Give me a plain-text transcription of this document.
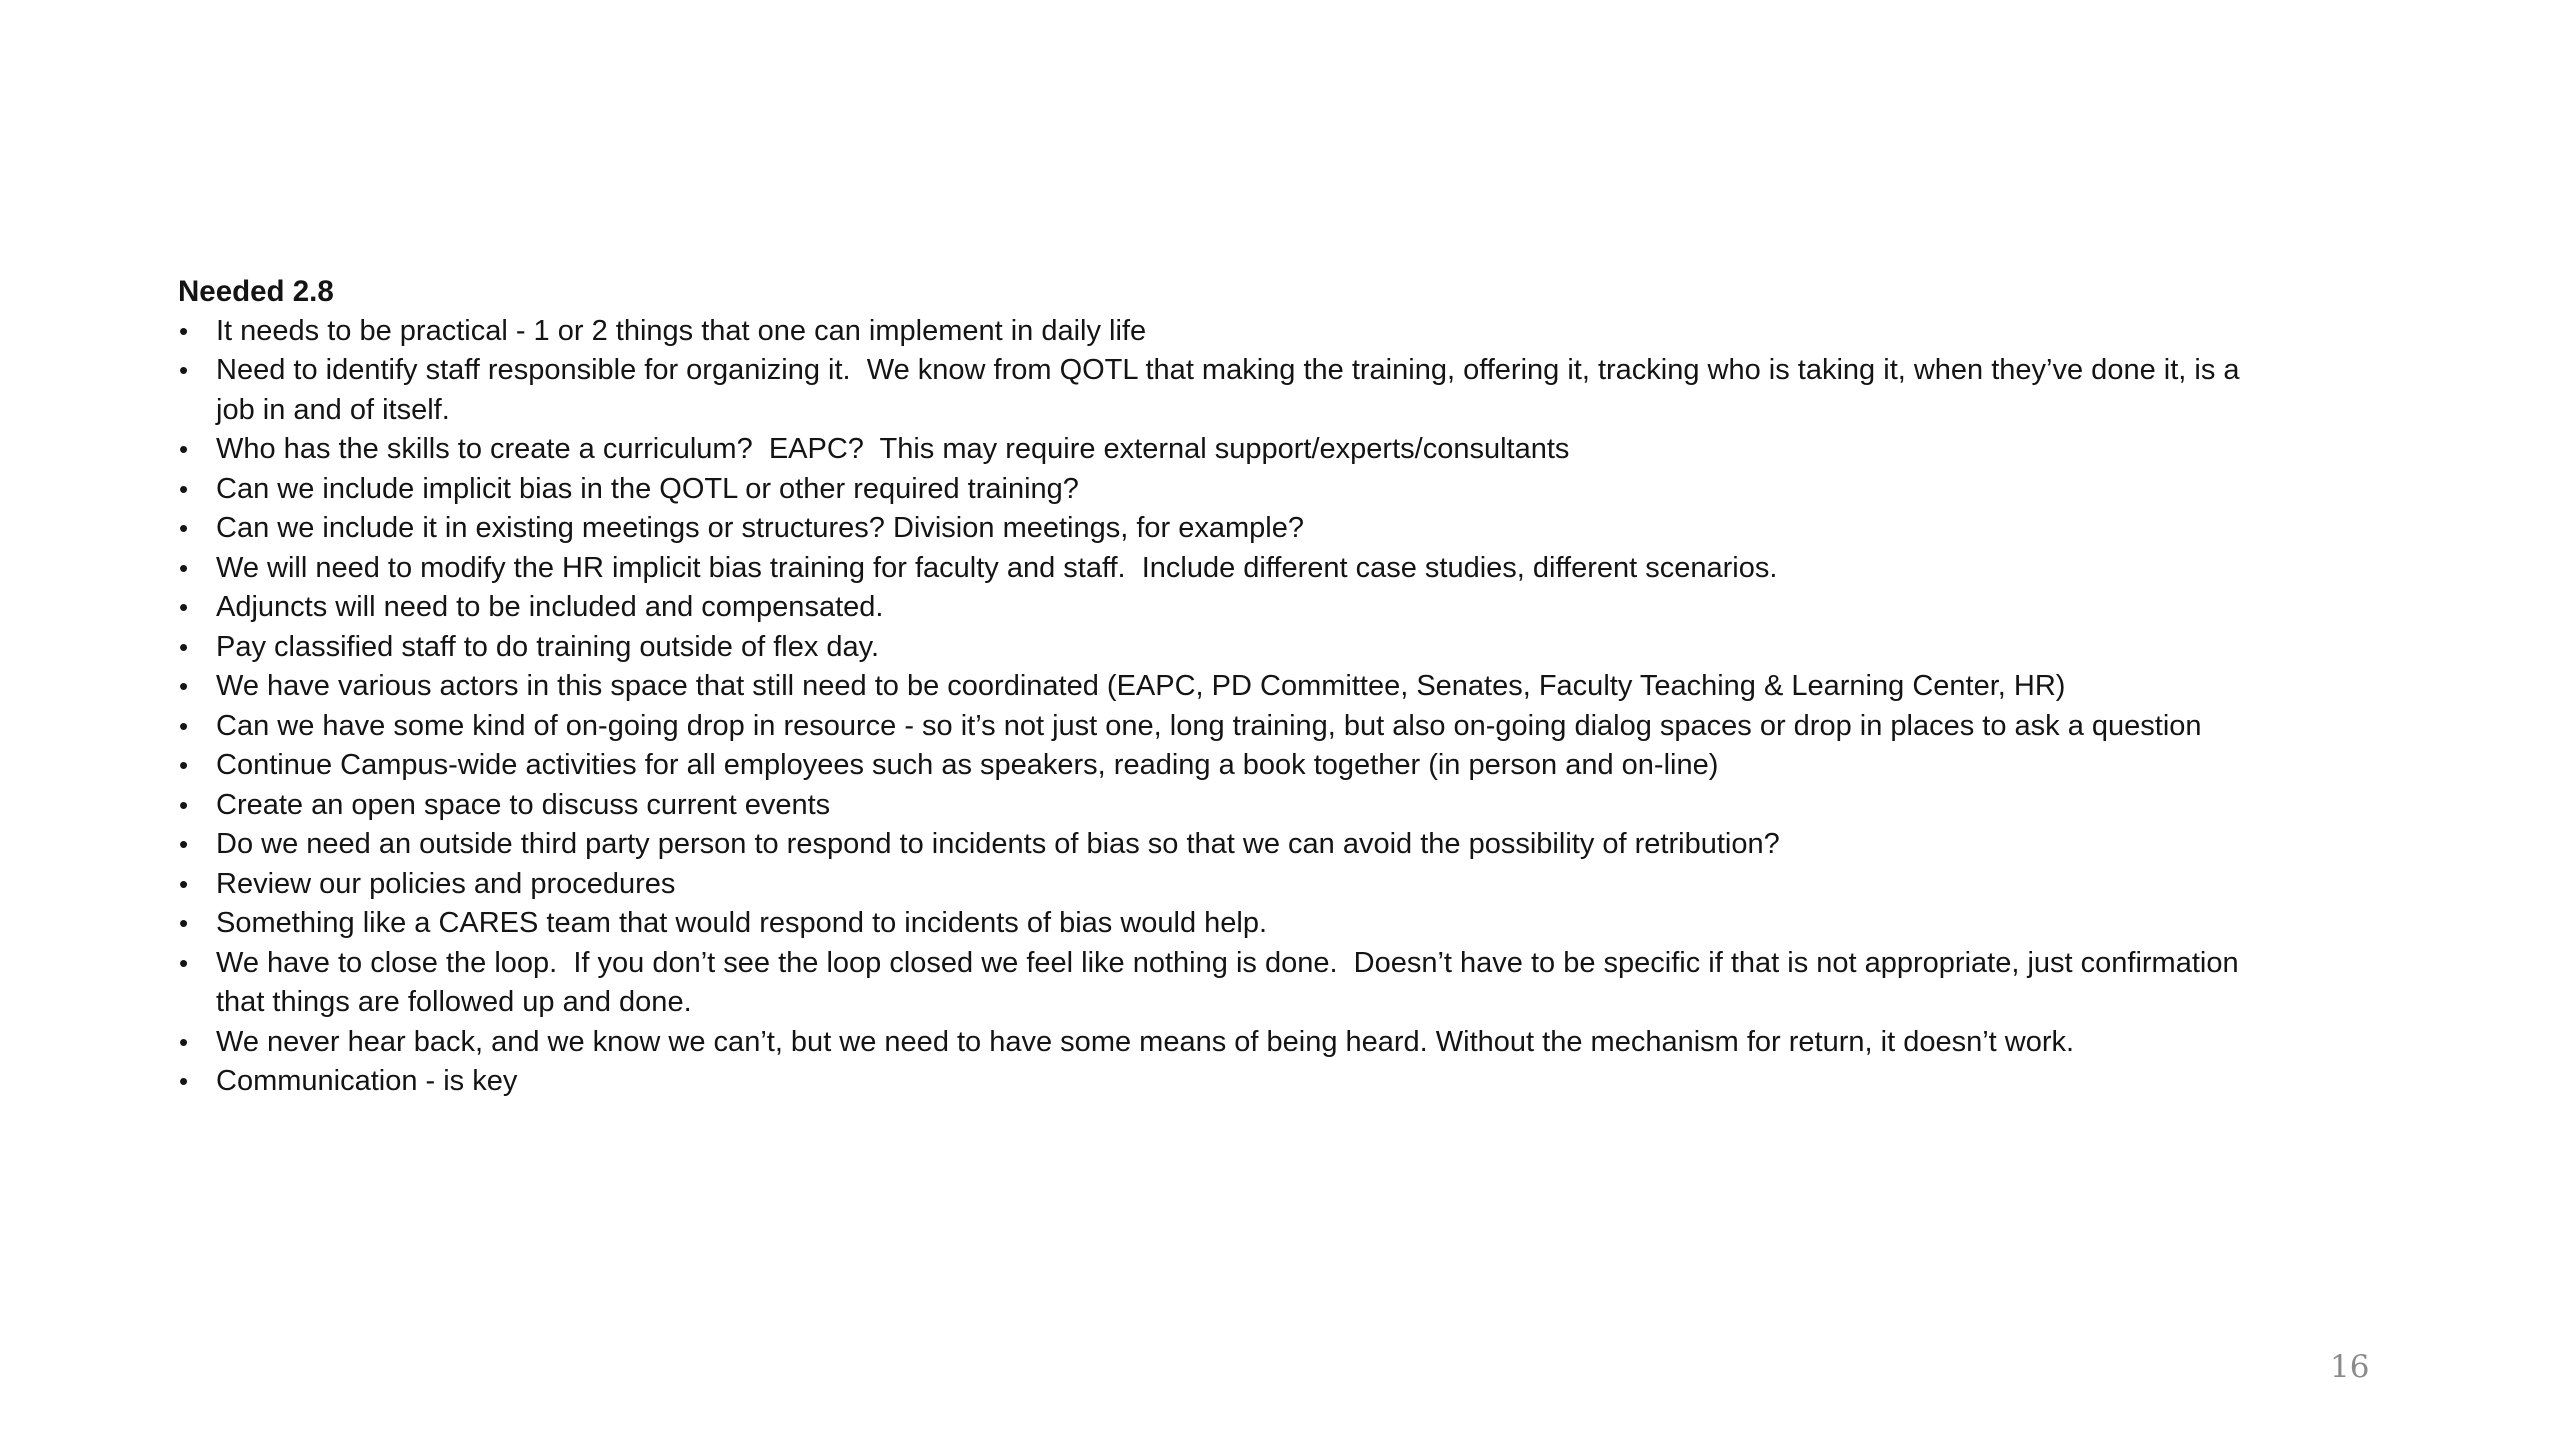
Needed 2.8
• It needs to be practical - 1 or 2 things that one can implement in daily life
• Need to identify staff responsible for organizing it.  We know from QOTL that making the training, offering it, tracking who is taking it, when they’ve done it, is a job in and of itself.
• Who has the skills to create a curriculum?  EAPC?  This may require external support/experts/consultants
• Can we include implicit bias in the QOTL or other required training?
• Can we include it in existing meetings or structures? Division meetings, for example?
• We will need to modify the HR implicit bias training for faculty and staff.  Include different case studies, different scenarios.
• Adjuncts will need to be included and compensated.
• Pay classified staff to do training outside of flex day.
• We have various actors in this space that still need to be coordinated (EAPC, PD Committee, Senates, Faculty Teaching & Learning Center, HR)
• Can we have some kind of on-going drop in resource - so it’s not just one, long training, but also on-going dialog spaces or drop in places to ask a question
• Continue Campus-wide activities for all employees such as speakers, reading a book together (in person and on-line)
• Create an open space to discuss current events
• Do we need an outside third party person to respond to incidents of bias so that we can avoid the possibility of retribution?
• Review our policies and procedures
• Something like a CARES team that would respond to incidents of bias would help.
• We have to close the loop.  If you don’t see the loop closed we feel like nothing is done.  Doesn’t have to be specific if that is not appropriate, just confirmation that things are followed up and done.
• We never hear back, and we know we can’t, but we need to have some means of being heard. Without the mechanism for return, it doesn’t work.
• Communication - is key
16
